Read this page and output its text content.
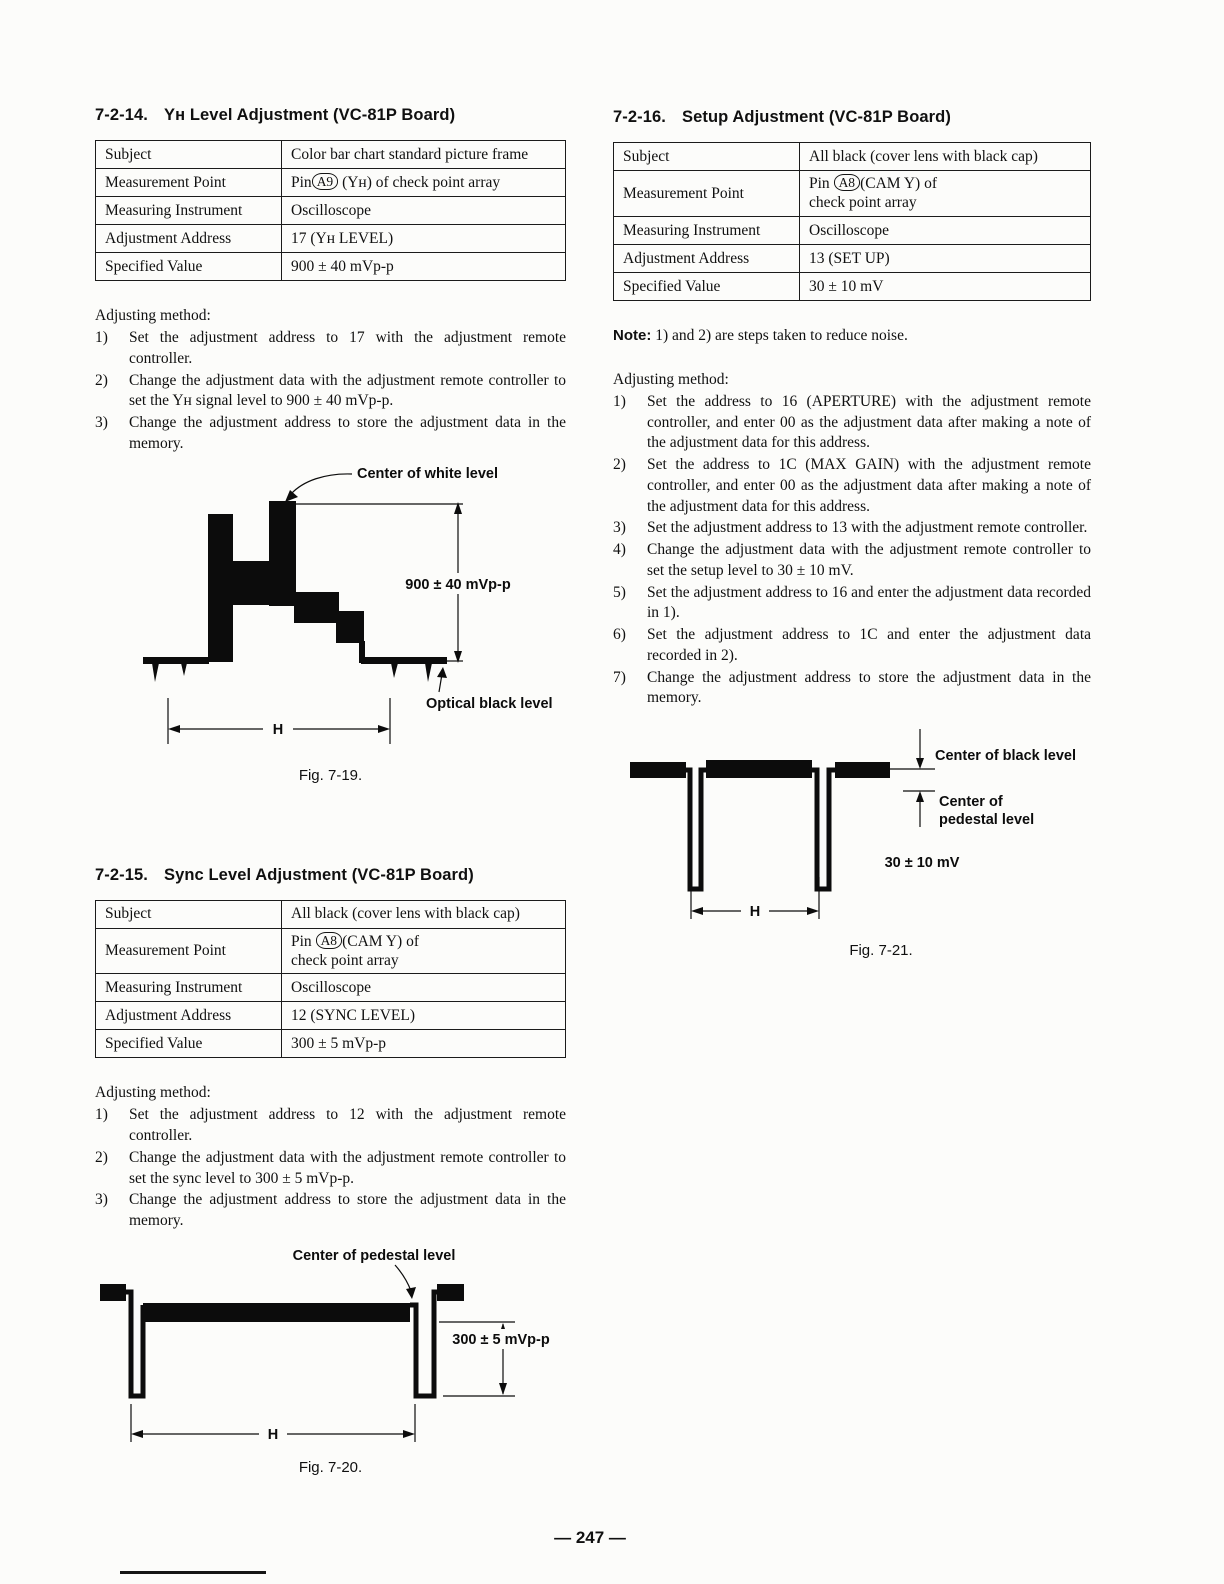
7-2-14. Yʜ Level Adjustment (VC-81P Board)
Subject	Color bar chart standard picture frame
Measurement Point	Pin A9 (Yʜ) of check point array
Measuring Instrument	Oscilloscope
Adjustment Address	17 (Yʜ LEVEL)
Specified Value	900 ± 40 mVp-p

Adjusting method:

1)	Set the adjustment address to 17 with the adjustment remote controller.
2)	Change the adjustment data with the adjustment remote controller to set the Yʜ signal level to 900 ± 40 mVp-p.
3)	Change the adjustment address to store the adjustment data in the memory.
900 ± 40 mVp-p
Center of white level
Optical black level
H
Fig. 7-19.
7-2-15. Sync Level Adjustment (VC-81P Board)
Subject	All black (cover lens with black cap)
Measurement Point	Pin A8 (CAM Y) of
check point array
Measuring Instrument	Oscilloscope
Adjustment Address	12 (SYNC LEVEL)
Specified Value	300 ± 5 mVp-p

Adjusting method:

1)	Set the adjustment address to 12 with the adjustment remote controller.
2)	Change the adjustment data with the adjustment remote controller to set the sync level to 300 ± 5 mVp-p.
3)	Change the adjustment address to store the adjustment data in the memory.
Center of pedestal level
300 ± 5 mVp-p
H
Fig. 7-20.
7-2-16. Setup Adjustment (VC-81P Board)
Subject	All black (cover lens with black cap)
Measurement Point	Pin A8 (CAM Y) of
check point array
Measuring Instrument	Oscilloscope
Adjustment Address	13 (SET UP)
Specified Value	30 ± 10 mV

Note: 1) and 2) are steps taken to reduce noise.

Adjusting method:

1)	Set the address to 16 (APERTURE) with the adjustment remote controller, and enter 00 as the adjustment data after making a note of the adjustment data for this address.
2)	Set the address to 1C (MAX GAIN) with the adjustment remote controller, and enter 00 as the adjustment data after making a note of the adjustment data for this address.
3)	Set the adjustment address to 13 with the adjustment remote controller.
4)	Change the adjustment data with the adjustment remote controller to set the setup level to 30 ± 10 mV.
5)	Set the adjustment address to 16 and enter the adjustment data recorded in 1).
6)	Set the adjustment address to 1C and enter the adjustment data recorded in 2).
7)	Change the adjustment address to store the adjustment data in the memory.
Center of black level
Center of
pedestal level
30 ± 10 mV
H
Fig. 7-21.
— 247 —
